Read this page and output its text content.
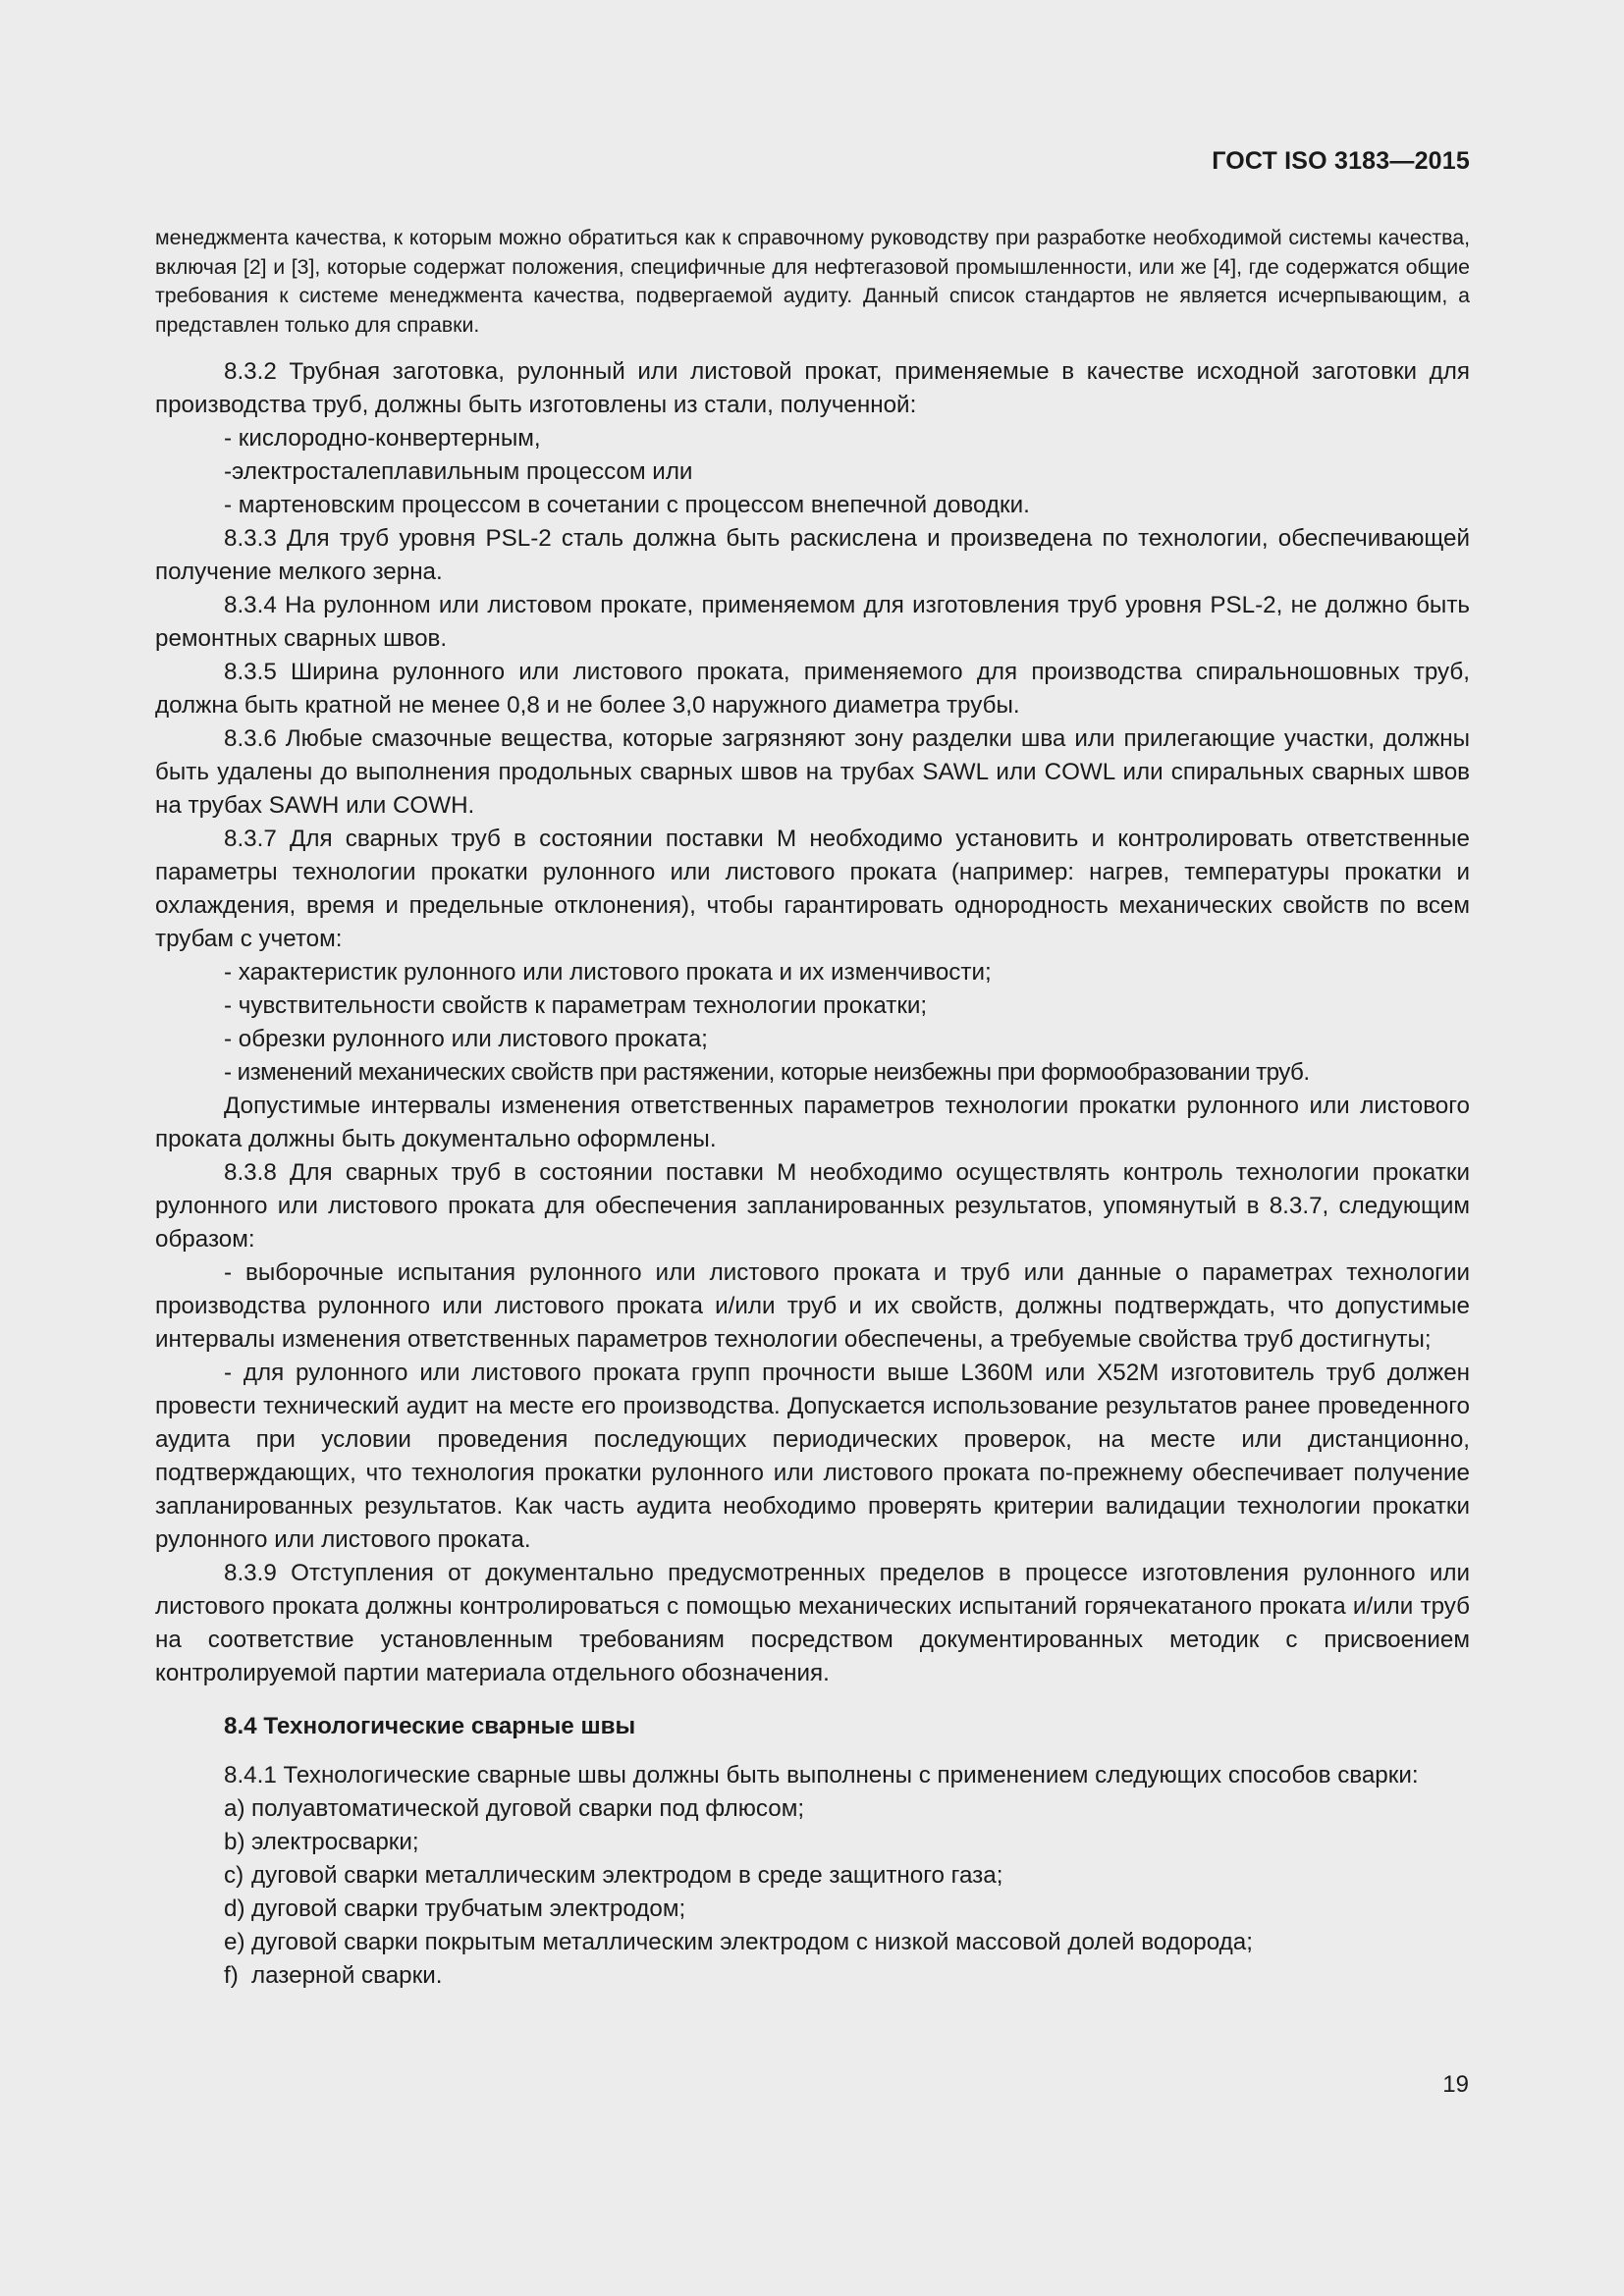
ГОСТ ISO 3183—2015

менеджмента качества, к которым можно обратиться как к справочному руководству при разработке необходимой системы качества, включая [2] и [3], которые содержат положения, специфичные для нефтегазовой промышленности, или же [4], где содержатся общие требования к системе менеджмента качества, подвергаемой аудиту. Данный список стандартов не является исчерпывающим, а представлен только для справки.

8.3.2 Трубная заготовка, рулонный или листовой прокат, применяемые в качестве исходной заготовки для производства труб, должны быть изготовлены из стали, полученной:

- кислородно-конвертерным,

-электросталеплавильным процессом или

- мартеновским процессом в сочетании с процессом внепечной доводки.

8.3.3 Для труб уровня PSL-2 сталь должна быть раскислена и произведена по технологии, обеспечивающей получение мелкого зерна.

8.3.4 На рулонном или листовом прокате, применяемом для изготовления труб уровня PSL-2, не должно быть ремонтных сварных швов.

8.3.5 Ширина рулонного или листового проката, применяемого для производства спиральношовных труб, должна быть кратной не менее 0,8 и не более 3,0 наружного диаметра трубы.

8.3.6 Любые смазочные вещества, которые загрязняют зону разделки шва или прилегающие участки, должны быть удалены до выполнения продольных сварных швов на трубах SAWL или COWL или спиральных сварных швов на трубах SAWH или COWH.

8.3.7 Для сварных труб в состоянии поставки М необходимо установить и контролировать ответственные параметры технологии прокатки рулонного или листового проката (например: нагрев, температуры прокатки и охлаждения, время и предельные отклонения), чтобы гарантировать однородность механических свойств по всем трубам с учетом:

- характеристик рулонного или листового проката и их изменчивости;

- чувствительности свойств к параметрам технологии прокатки;

- обрезки рулонного или листового проката;

- изменений механических свойств при растяжении, которые неизбежны при формообразовании труб.

Допустимые интервалы изменения ответственных параметров технологии прокатки рулонного или листового проката должны быть документально оформлены.

8.3.8 Для сварных труб в состоянии поставки М необходимо осуществлять контроль технологии прокатки рулонного или листового проката для обеспечения запланированных результатов, упомянутый в 8.3.7, следующим образом:

- выборочные испытания рулонного или листового проката и труб или данные о параметрах технологии производства рулонного или листового проката и/или труб и их свойств, должны подтверждать, что допустимые интервалы изменения ответственных параметров технологии обеспечены, а требуемые свойства труб достигнуты;

- для рулонного или листового проката групп прочности выше L360M или X52M изготовитель труб должен провести технический аудит на месте его производства. Допускается использование результатов ранее проведенного аудита при условии проведения последующих периодических проверок, на месте или дистанционно, подтверждающих, что технология прокатки рулонного или листового проката по-прежнему обеспечивает получение запланированных результатов. Как часть аудита необходимо проверять критерии валидации технологии прокатки рулонного или листового проката.

8.3.9 Отступления от документально предусмотренных пределов в процессе изготовления рулонного или листового проката должны контролироваться с помощью механических испытаний горячекатаного проката и/или труб на соответствие установленным требованиям посредством документированных методик с присвоением контролируемой партии материала отдельного обозначения.

8.4 Технологические сварные швы

8.4.1 Технологические сварные швы должны быть выполнены с применением следующих способов сварки:

a) полуавтоматической дуговой сварки под флюсом;

b) электросварки;

c) дуговой сварки металлическим электродом в среде защитного газа;

d) дуговой сварки трубчатым электродом;

e) дуговой сварки покрытым металлическим электродом с низкой массовой долей водорода;

f) лазерной сварки.

19
